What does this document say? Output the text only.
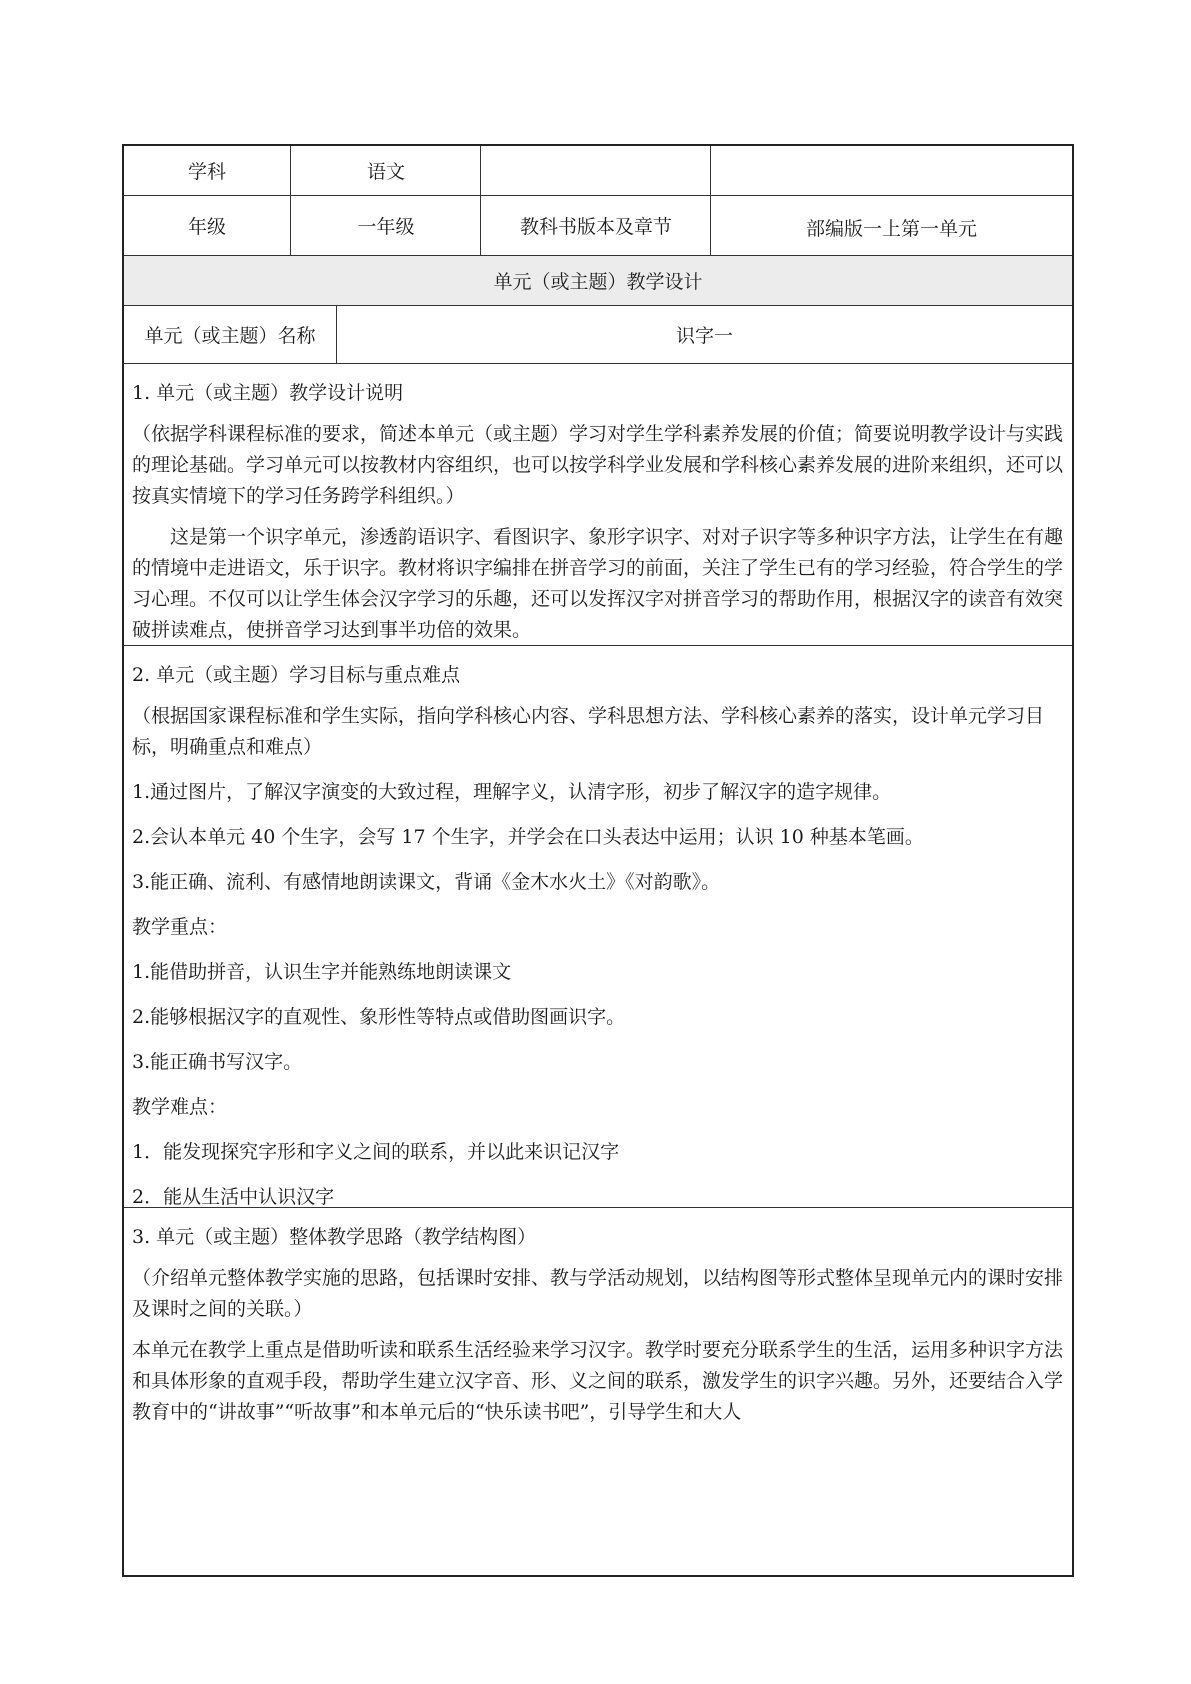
学科	语文
年级	一年级	教科书版本及章节	部编版一上第一单元
单元（或主题）教学设计
单元（或主题）名称	识字一

1. 单元（或主题）教学设计说明

（依据学科课程标准的要求，简述本单元（或主题）学习对学生学科素养发展的价值；简要说明教学设计与实践的理论基础。学习单元可以按教材内容组织，也可以按学科学业发展和学科核心素养发展的进阶来组织，还可以按真实情境下的学习任务跨学科组织。）

这是第一个识字单元，渗透韵语识字、看图识字、象形字识字、对对子识字等多种识字方法，让学生在有趣的情境中走进语文，乐于识字。教材将识字编排在拼音学习的前面，关注了学生已有的学习经验，符合学生的学习心理。不仅可以让学生体会汉字学习的乐趣，还可以发挥汉字对拼音学习的帮助作用，根据汉字的读音有效突破拼读难点，使拼音学习达到事半功倍的效果。

2. 单元（或主题）学习目标与重点难点

（根据国家课程标准和学生实际，指向学科核心内容、学科思想方法、学科核心素养的落实，设计单元学习目标，明确重点和难点）

1.通过图片，了解汉字演变的大致过程，理解字义，认清字形，初步了解汉字的造字规律。

2.会认本单元 40 个生字，会写 17 个生字，并学会在口头表达中运用；认识 10 种基本笔画。

3.能正确、流利、有感情地朗读课文，背诵《金木水火土》《对韵歌》。

教学重点：

1.能借助拼音，认识生字并能熟练地朗读课文

2.能够根据汉字的直观性、象形性等特点或借助图画识字。

3.能正确书写汉字。

教学难点：

1．能发现探究字形和字义之间的联系，并以此来识记汉字

2．能从生活中认识汉字

3. 单元（或主题）整体教学思路（教学结构图）

（介绍单元整体教学实施的思路，包括课时安排、教与学活动规划，以结构图等形式整体呈现单元内的课时安排及课时之间的关联。）

本单元在教学上重点是借助听读和联系生活经验来学习汉字。教学时要充分联系学生的生活，运用多种识字方法和具体形象的直观手段，帮助学生建立汉字音、形、义之间的联系，激发学生的识字兴趣。另外，还要结合入学教育中的“讲故事”“听故事”和本单元后的“快乐读书吧”，引导学生和大人
